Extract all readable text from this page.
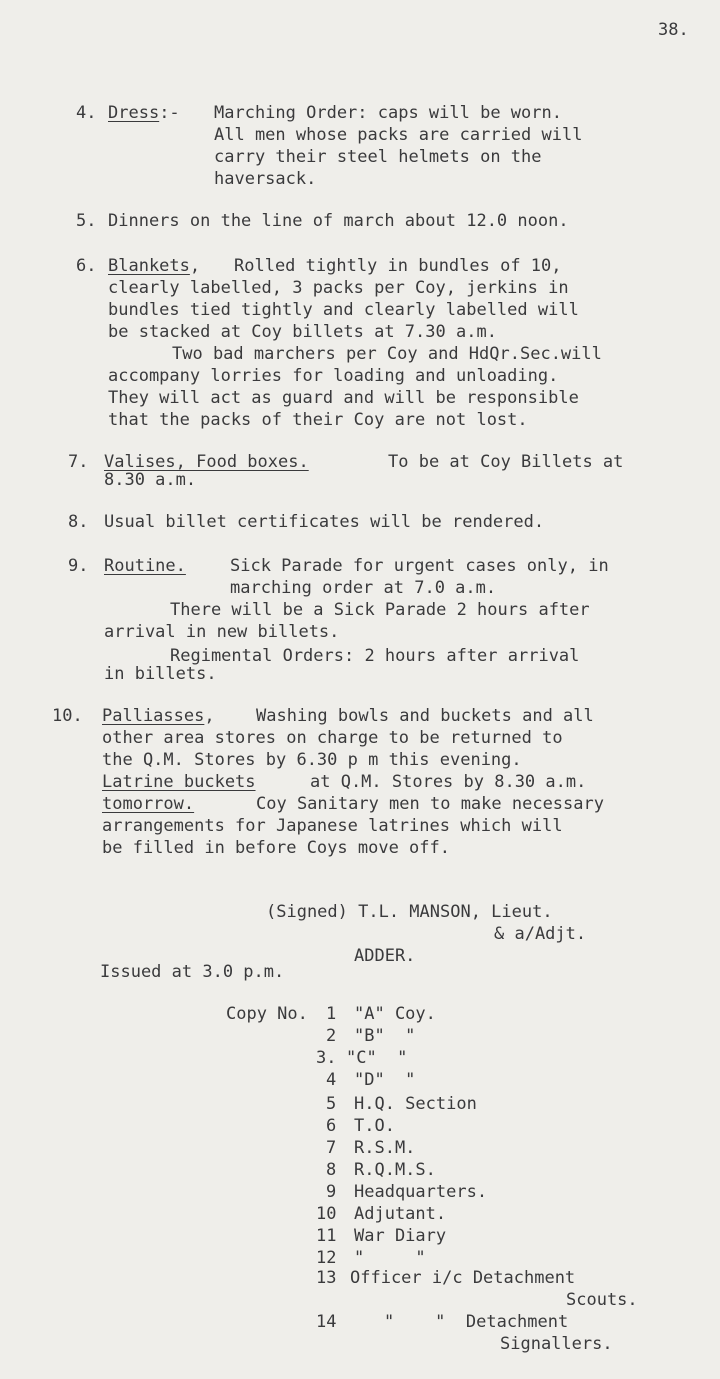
38.
4. Dress:- Marching Order: caps will be worn.
All men whose packs are carried will
carry their steel helmets on the
haversack.
5. Dinners on the line of march about 12.0 noon.
6. Blankets, Rolled tightly in bundles of 10,
clearly labelled, 3 packs per Coy, jerkins in
bundles tied tightly and clearly labelled will
be stacked at Coy billets at 7.30 a.m.
Two bad marchers per Coy and HdQr.Sec.will
accompany lorries for loading and unloading.
They will act as guard and will be responsible
that the packs of their Coy are not lost.
7. Valises, Food boxes.	To be at Coy Billets at
8.30 a.m.
8. Usual billet certificates will be rendered.
9. Routine.	Sick Parade for urgent cases only, in
marching order at 7.0 a.m.
There will be a Sick Parade 2 hours after
arrival in new billets.
Regimental Orders: 2 hours after arrival
in billets.
10. Palliasses, Washing bowls and buckets and all
other area stores on charge to be returned to
the Q.M. Stores by 6.30 p m this evening.
Latrine buckets	at Q.M. Stores by 8.30 a.m.
tomorrow.	Coy Sanitary men to make necessary
arrangements for Japanese latrines which will
be filled in before Coys move off.
(Signed) T.L. MANSON, Lieut.
& a/Adjt.
ADDER.
Issued at 3.0 p.m.
Copy No. 1 "A" Coy.
2 "B"  "
3. "C"  "
4 "D"  "
5 H.Q. Section
6 T.O.
7 R.S.M.
8 R.Q.M.S.
9 Headquarters.
10 Adjutant.
11 War Diary
12 "     "
13 Officer i/c Detachment
Scouts.
14	"    "  Detachment
Signallers.
